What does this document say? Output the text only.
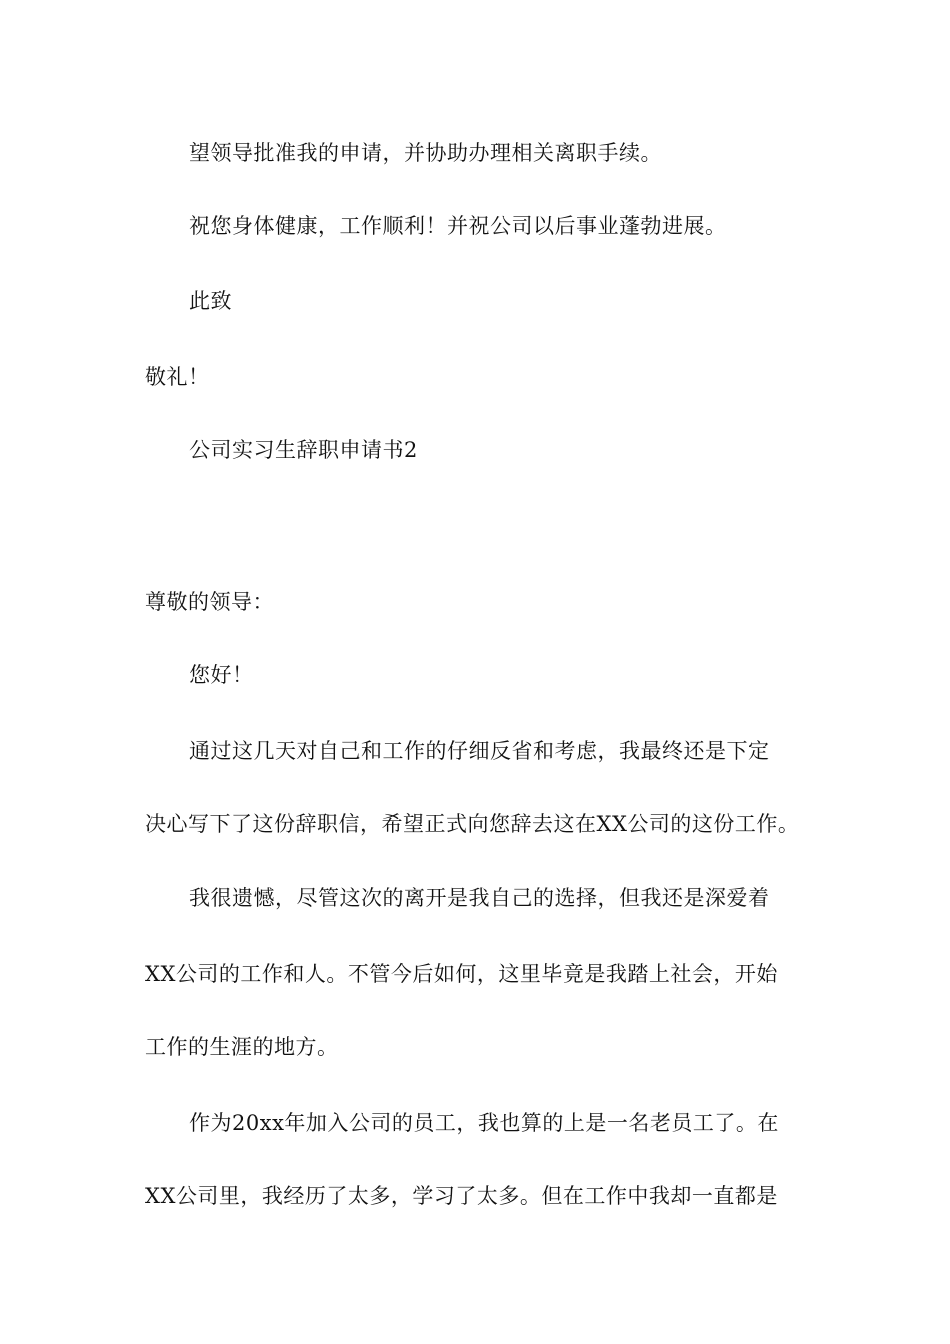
望领导批准我的申请，并协助办理相关离职手续。
祝您身体健康，工作顺利！并祝公司以后事业蓬勃进展。
此致
敬礼！
公司实习生辞职申请书2
尊敬的领导：
您好！
通过这几天对自己和工作的仔细反省和考虑，我最终还是下定
决心写下了这份辞职信，希望正式向您辞去这在XX公司的这份工作。
我很遗憾，尽管这次的离开是我自己的选择，但我还是深爱着
XX公司的工作和人。不管今后如何，这里毕竟是我踏上社会，开始
工作的生涯的地方。
作为20xx年加入公司的员工，我也算的上是一名老员工了。在
XX公司里，我经历了太多，学习了太多。但在工作中我却一直都是
